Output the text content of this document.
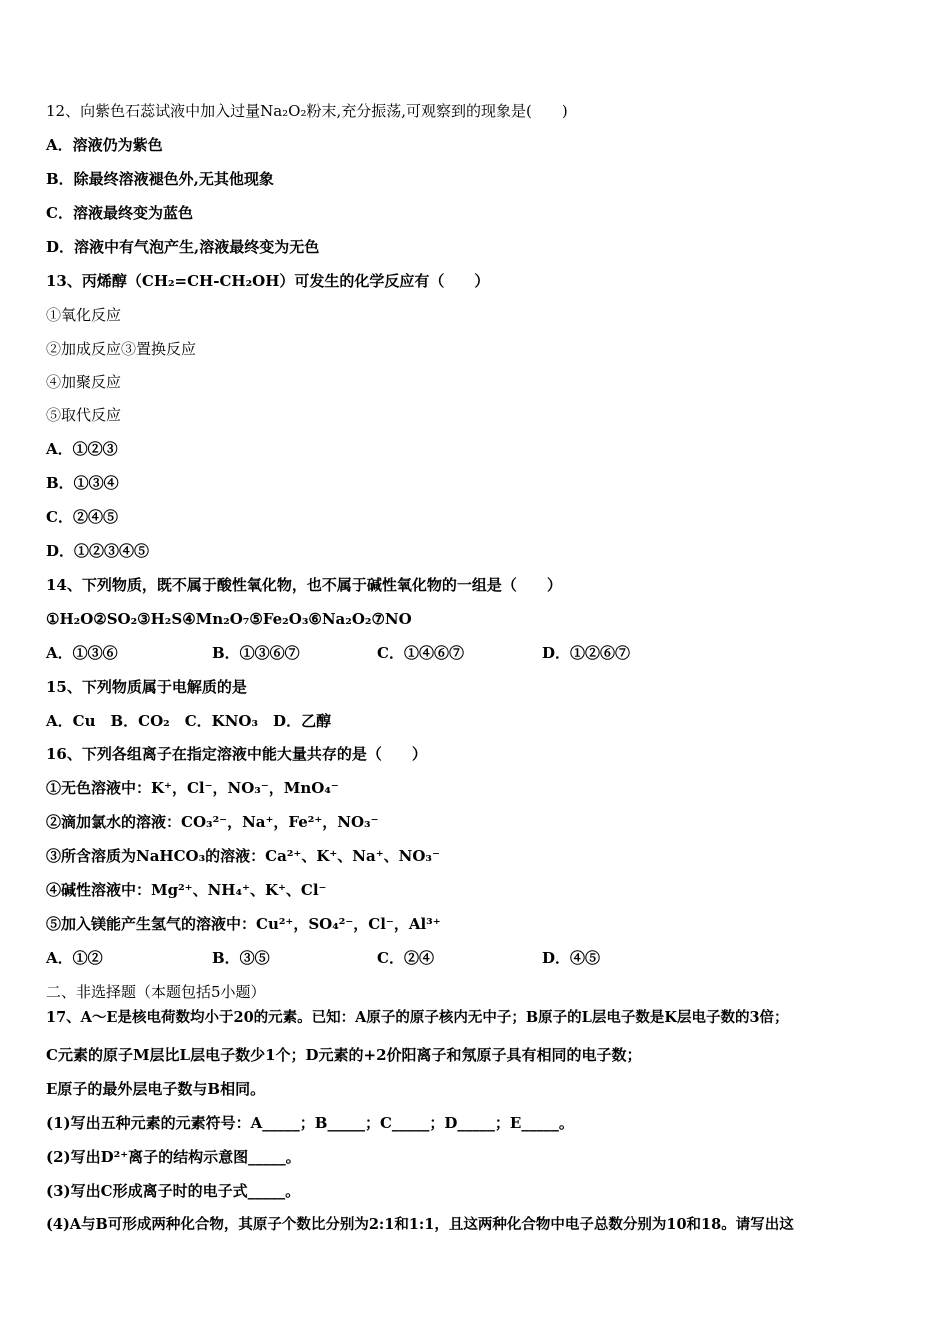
12、向紫色石蕊试液中加入过量Na₂O₂粉末,充分振荡,可观察到的现象是(　　)
A．溶液仍为紫色
B．除最终溶液褪色外,无其他现象
C．溶液最终变为蓝色
D．溶液中有气泡产生,溶液最终变为无色
13、丙烯醇（CH₂=CH-CH₂OH）可发生的化学反应有（　　）
①氧化反应
②加成反应③置换反应
④加聚反应
⑤取代反应
A．①②③
B．①③④
C．②④⑤
D．①②③④⑤
14、下列物质，既不属于酸性氧化物，也不属于碱性氧化物的一组是（　　）
①H₂O②SO₂③H₂S④Mn₂O₇⑤Fe₂O₃⑥Na₂O₂⑦NO
A．①③⑥	B．①③⑥⑦	C．①④⑥⑦	D．①②⑥⑦
15、下列物质属于电解质的是
A．Cu　B．CO₂　C．KNO₃　D．乙醇
16、下列各组离子在指定溶液中能大量共存的是（　　）
①无色溶液中：K⁺，Cl⁻，NO₃⁻，MnO₄⁻
②滴加氯水的溶液：CO₃²⁻，Na⁺，Fe²⁺，NO₃⁻
③所含溶质为NaHCO₃的溶液：Ca²⁺、K⁺、Na⁺、NO₃⁻
④碱性溶液中：Mg²⁺、NH₄⁺、K⁺、Cl⁻
⑤加入镁能产生氢气的溶液中：Cu²⁺，SO₄²⁻，Cl⁻，Al³⁺
A．①②	B．③⑤	C．②④	D．④⑤
二、非选择题（本题包括5小题）
17、A～E是核电荷数均小于20的元素。已知：A原子的原子核内无中子；B原子的L层电子数是K层电子数的3倍；
C元素的原子M层比L层电子数少1个；D元素的+2价阳离子和氖原子具有相同的电子数；
E原子的最外层电子数与B相同。
(1)写出五种元素的元素符号：A_____；B_____；C_____；D_____；E_____。
(2)写出D²⁺离子的结构示意图_____。
(3)写出C形成离子时的电子式_____。
(4)A与B可形成两种化合物，其原子个数比分别为2:1和1:1，且这两种化合物中电子总数分别为10和18。请写出这
